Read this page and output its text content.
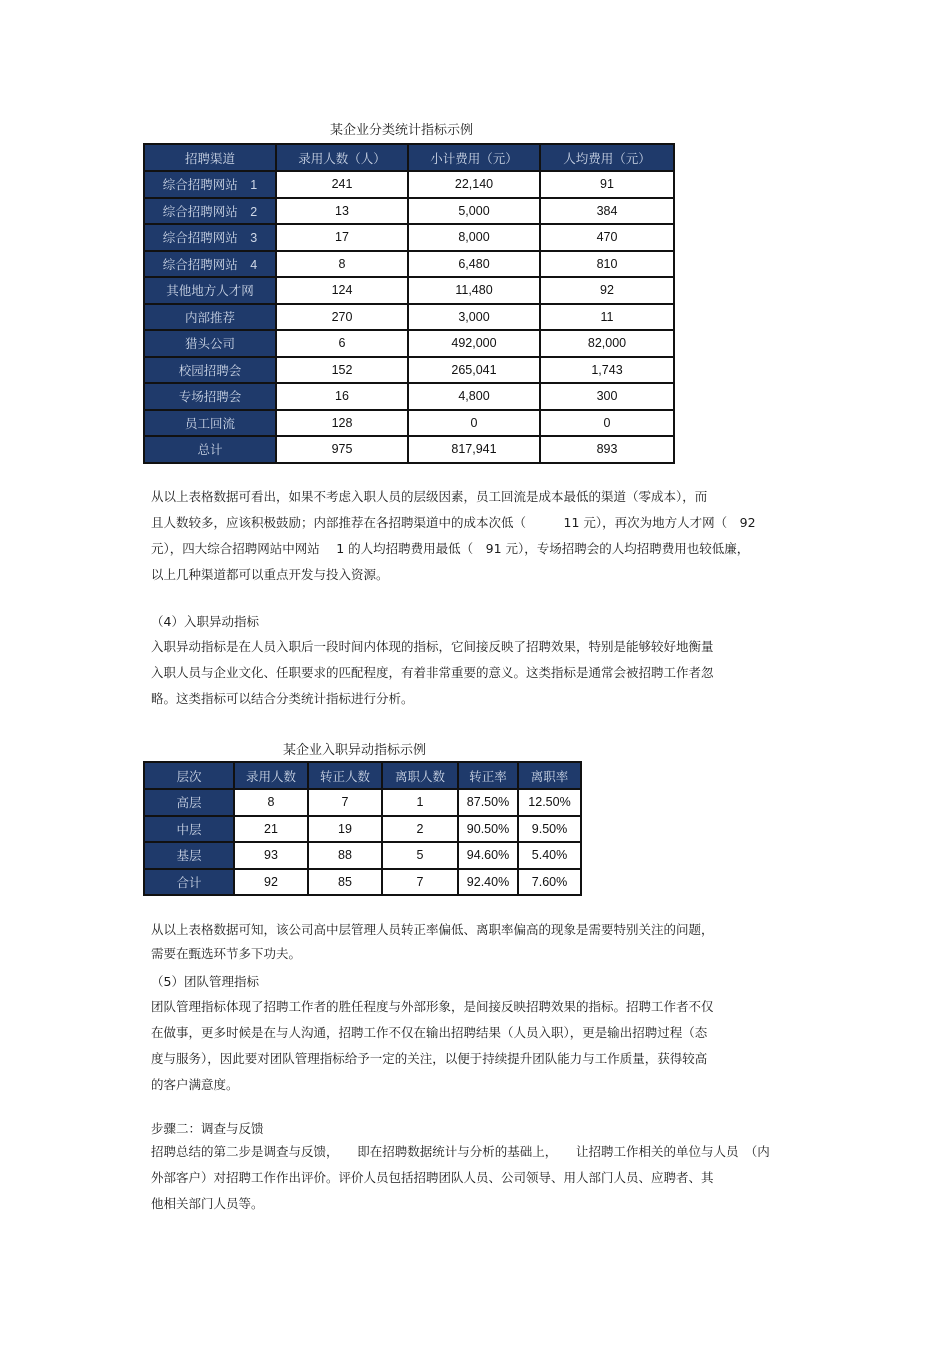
某企业分类统计指标示例
招聘渠道	录用人数（人）	小计费用（元）	人均费用（元）
综合招聘网站　1	241	22,140	91
综合招聘网站　2	13	5,000	384
综合招聘网站　3	17	8,000	470
综合招聘网站　4	8	6,480	810
其他地方人才网	124	11,480	92
内部推荐	270	3,000	11
猎头公司	6	492,000	82,000
校园招聘会	152	265,041	1,743
专场招聘会	16	4,800	300
员工回流	128	0	0
总计	975	817,941	893
从以上表格数据可看出，如果不考虑入职人员的层级因素，员工回流是成本最低的渠道（零成本），而
且人数较多，应该积极鼓励；内部推荐在各招聘渠道中的成本次低（　　　11 元），再次为地方人才网（　92
元），四大综合招聘网站中网站　 1 的人均招聘费用最低（　91 元），专场招聘会的人均招聘费用也较低廉，
以上几种渠道都可以重点开发与投入资源。
（4）入职异动指标
入职异动指标是在人员入职后一段时间内体现的指标，它间接反映了招聘效果，特别是能够较好地衡量
入职人员与企业文化、任职要求的匹配程度，有着非常重要的意义。这类指标是通常会被招聘工作者忽
略。这类指标可以结合分类统计指标进行分析。
某企业入职异动指标示例
层次	录用人数	转正人数	离职人数	转正率	离职率
高层	8	7	1	87.50%	12.50%
中层	21	19	2	90.50%	9.50%
基层	93	88	5	94.60%	5.40%
合计	92	85	7	92.40%	7.60%
从以上表格数据可知，该公司高中层管理人员转正率偏低、离职率偏高的现象是需要特别关注的问题，
需要在甄选环节多下功夫。
（5）团队管理指标
团队管理指标体现了招聘工作者的胜任程度与外部形象，是间接反映招聘效果的指标。招聘工作者不仅
在做事，更多时候是在与人沟通，招聘工作不仅在输出招聘结果（人员入职），更是输出招聘过程（态
度与服务），因此要对团队管理指标给予一定的关注，以便于持续提升团队能力与工作质量，获得较高
的客户满意度。
步骤二：调查与反馈
招聘总结的第二步是调查与反馈，　　即在招聘数据统计与分析的基础上，　　让招聘工作相关的单位与人员　（内
外部客户）对招聘工作作出评价。评价人员包括招聘团队人员、公司领导、用人部门人员、应聘者、其
他相关部门人员等。
